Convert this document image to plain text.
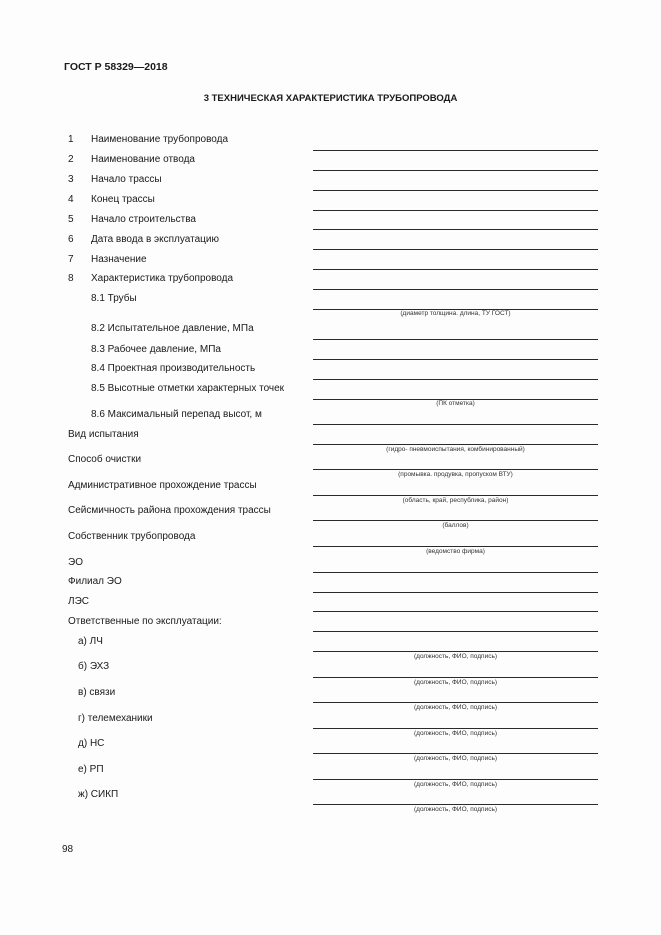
ГОСТ Р 58329—2018
3 ТЕХНИЧЕСКАЯ ХАРАКТЕРИСТИКА ТРУБОПРОВОДА
1 Наименование трубопровода
2 Наименование отвода
3 Начало трассы
4 Конец трассы
5 Начало строительства
6 Дата ввода в эксплуатацию
7 Назначение
8 Характеристика трубопровода
8.1 Трубы
8.2 Испытательное давление, МПа
8.3 Рабочее давление, МПа
8.4 Проектная производительность
8.5 Высотные отметки характерных точек
8.6 Максимальный перепад высот, м
Вид испытания
Способ очистки
Административное прохождение трассы
Сейсмичность района прохождения трассы
Собственник трубопровода
ЭО
Филиал ЭО
ЛЭС
Ответственные по эксплуатации:
а) ЛЧ
б) ЭХЗ
в) связи
г) телемеханики
д) НС
е) РП
ж) СИКП
(диаметр толщина. длина, ТУ ГОСТ)
(ПК отметка)
(гидро- пневмоиспытания, комбинированный)
(промывка. продувка, пропуском ВТУ)
(область, край, республика, район)
(баллов)
(ведомство фирма)
(должность, ФИО, подпись)
(должность, ФИО, подпись)
(должность, ФИО, подпись)
(должность, ФИО, подпись)
(должность, ФИО, подпись)
(должность, ФИО, подпись)
(должность, ФИО, подпись)
98
